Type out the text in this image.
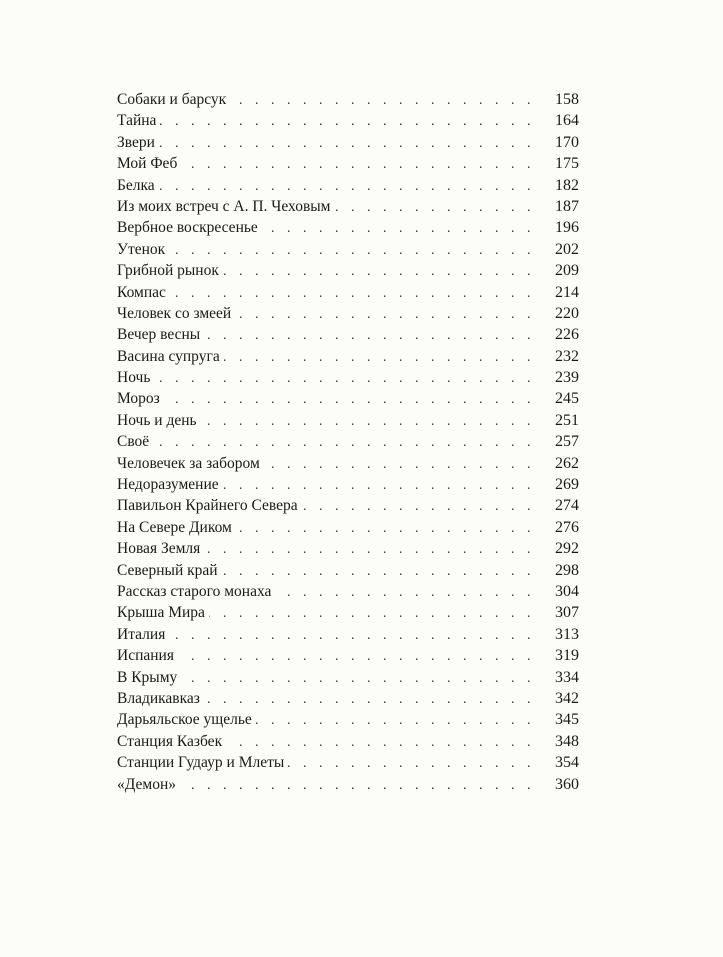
Собаки и барсук . . .	158
Тайна . . .	164
Звери . . .	170
Мой Феб . . .	175
Белка . . .	182
Из моих встреч с А. П. Чеховым . . .	187
Вербное воскресенье . . .	196
Утенок . . .	202
Грибной рынок . . .	209
Компас . . .	214
Человек со змеей . . .	220
Вечер весны . . .	226
Васина супруга . . .	232
Ночь . . .	239
Мороз . . .	245
Ночь и день . . .	251
Своё . . .	257
Человечек за забором . . .	262
Недоразумение . . .	269
Павильон Крайнего Севера . . .	274
На Севере Диком . . .	276
Новая Земля . . .	292
Северный край . . .	298
Рассказ старого монаха . . .	304
Крыша Мира . . .	307
Италия . . .	313
Испания . . .	319
В Крыму . . .	334
Владикавказ . . .	342
Дарьяльское ущелье . . .	345
Станция Казбек . . .	348
Станции Гудаур и Млеты . . .	354
«Демон» . . .	360
